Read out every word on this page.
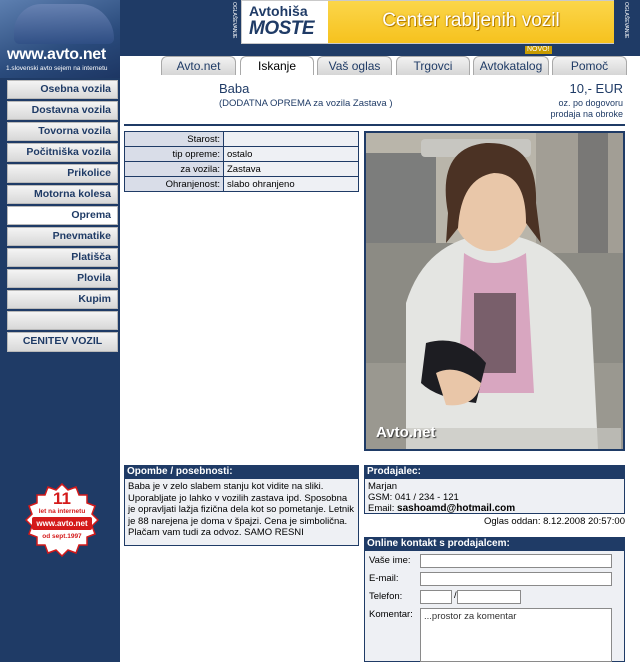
www.avto.net
1.slovenski avto sejem na internetu
Osebna vozila
Dostavna vozila
Tovorna vozila
Počitniška vozila
Prikolice
Motorna kolesa
Oprema
Pnevmatike
Platišča
Plovila
Kupim
CENITEV VOZIL
11
let na internetu
www.avto.net
od sept.1997
OGLAŠEVANJE Avtohiša
MOSTE	Center rabljenih vozil	OGLAŠEVANJE
Avto.net	Iskanje	Vaš oglas	Trgovci	Avtokatalog
NOVO!
Pomoč
Baba
(DODATNA OPREMA za vozila Zastava )
10,- EUR
oz. po dogovoru
prodaja na obroke
Starost:	
tip opreme:	ostalo
za vozila:	Zastava
Ohranjenost:	slabo ohranjeno
Avto.net
Opombe / posebnosti:
Baba je v zelo slabem stanju kot vidite na sliki. Uporabljate jo lahko v vozilih zastava ipd. Sposobna je opravljati lažja fizična dela kot so pometanje. Letnik je 88 narejena je doma v špajzi. Cena je simbolična. Plačam vam tudi za odvoz. SAMO RESNI
Prodajalec:
Marjan
GSM: 041 / 234 - 121
Email: sashoamd@hotmail.com
Oglas oddan: 8.12.2008 20:57:00
Online kontakt s prodajalcem:
Vaše ime:
E-mail:
Telefon:	/
Komentar:	...prostor za komentar
